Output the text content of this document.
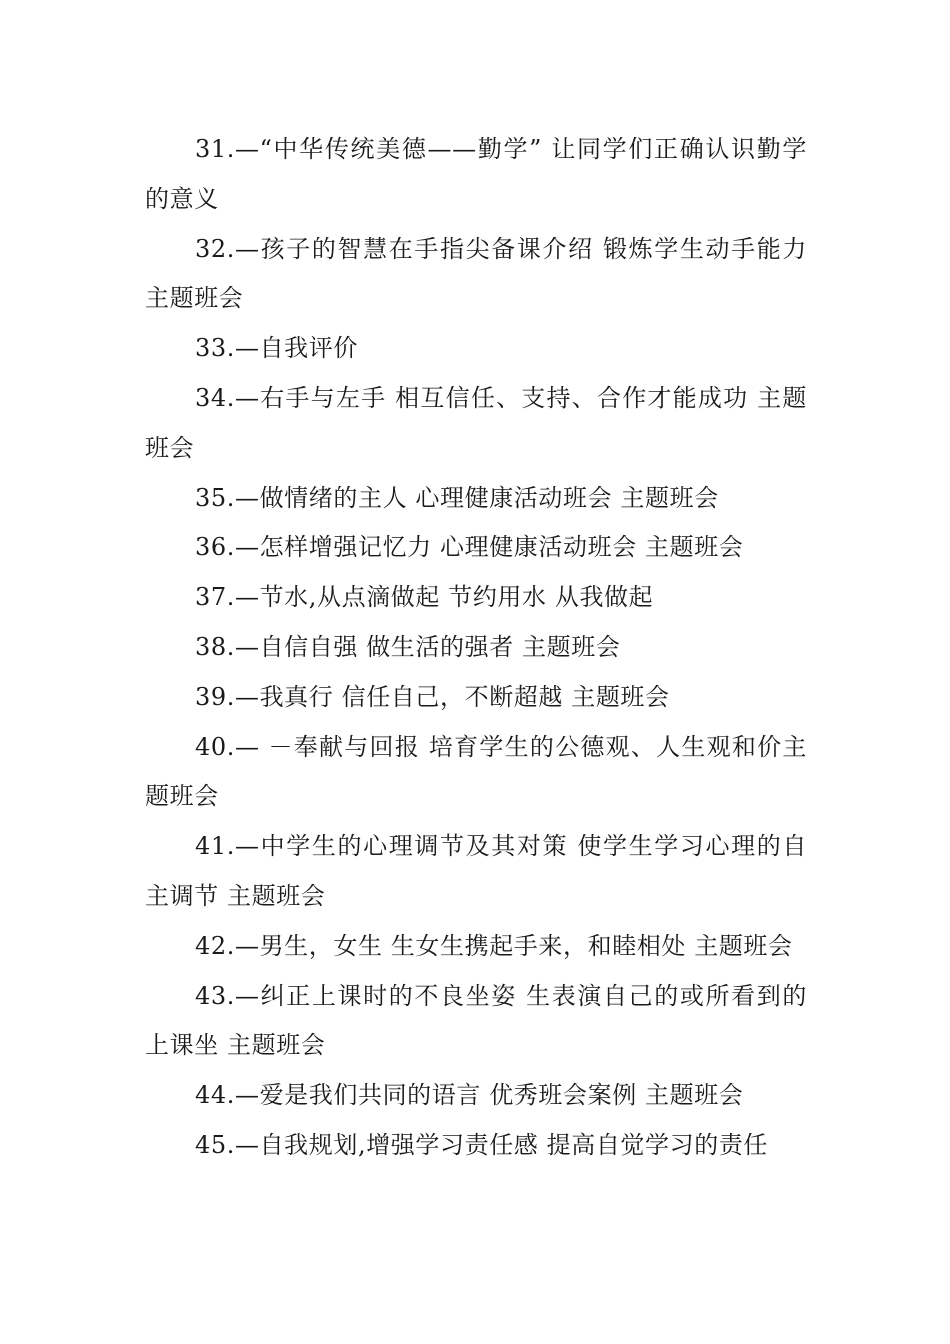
31.—“中华传统美德——勤学” 让同学们正确认识勤学的意义

32.—孩子的智慧在手指尖备课介绍 锻炼学生动手能力 主题班会

33.—自我评价

34.—右手与左手 相互信任、支持、合作才能成功 主题班会

35.—做情绪的主人 心理健康活动班会 主题班会

36.—怎样增强记忆力 心理健康活动班会 主题班会

37.—节水,从点滴做起 节约用水 从我做起

38.—自信自强 做生活的强者 主题班会

39.—我真行 信任自己，不断超越 主题班会

40.— －奉献与回报 培育学生的公德观、人生观和价主题班会

41.—中学生的心理调节及其对策 使学生学习心理的自主调节 主题班会

42.—男生，女生 生女生携起手来，和睦相处 主题班会

43.—纠正上课时的不良坐姿 生表演自己的或所看到的上课坐 主题班会

44.—爱是我们共同的语言 优秀班会案例 主题班会

45.—自我规划,增强学习责任感 提高自觉学习的责任
